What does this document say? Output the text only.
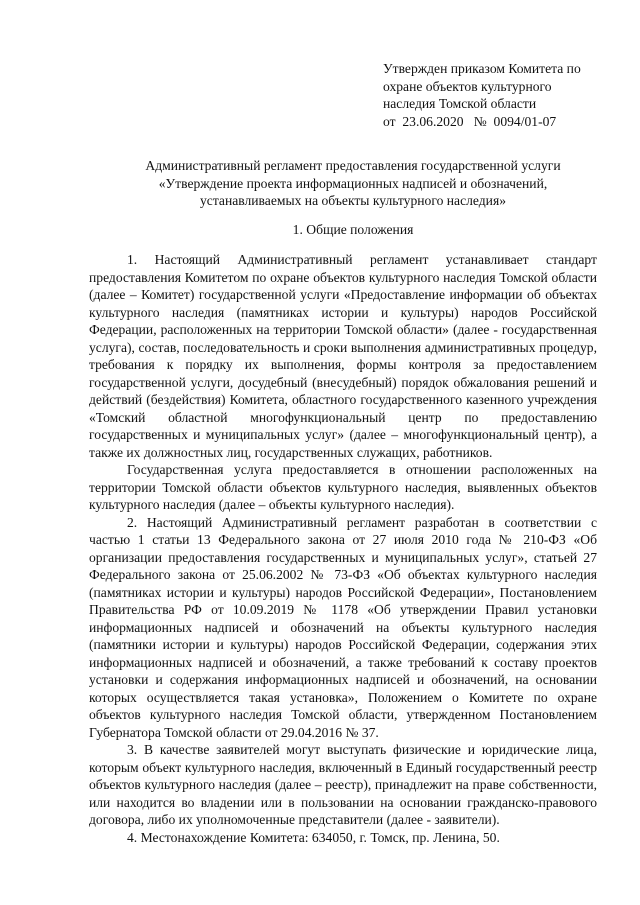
Утвержден приказом Комитета по
охране объектов культурного
наследия Томской области
от 23.06.2020 № 0094/01-07
Административный регламент предоставления государственной услуги
«Утверждение проекта информационных надписей и обозначений,
устанавливаемых на объекты культурного наследия»
1. Общие положения

1. Настоящий Административный регламент устанавливает стандарт предоставления Комитетом по охране объектов культурного наследия Томской области (далее – Комитет) государственной услуги «Предоставление информации об объектах культурного наследия (памятниках истории и культуры) народов Российской Федерации, расположенных на территории Томской области» (далее - государственная услуга), состав, последовательность и сроки выполнения административных процедур, требования к порядку их выполнения, формы контроля за предоставлением государственной услуги, досудебный (внесудебный) порядок обжалования решений и действий (бездействия) Комитета, областного государственного казенного учреждения «Томский областной многофункциональный центр по предоставлению государственных и муниципальных услуг» (далее – многофункциональный центр), а также их должностных лиц, государственных служащих, работников.

Государственная услуга предоставляется в отношении расположенных на территории Томской области объектов культурного наследия, выявленных объектов культурного наследия (далее – объекты культурного наследия).

2. Настоящий Административный регламент разработан в соответствии с частью 1 статьи 13 Федерального закона от 27 июля 2010 года № 210-ФЗ «Об организации предоставления государственных и муниципальных услуг», статьей 27 Федерального закона от 25.06.2002 № 73-ФЗ «Об объектах культурного наследия (памятниках истории и культуры) народов Российской Федерации», Постановлением Правительства РФ от 10.09.2019 № 1178 «Об утверждении Правил установки информационных надписей и обозначений на объекты культурного наследия (памятники истории и культуры) народов Российской Федерации, содержания этих информационных надписей и обозначений, а также требований к составу проектов установки и содержания информационных надписей и обозначений, на основании которых осуществляется такая установка», Положением о Комитете по охране объектов культурного наследия Томской области, утвержденном Постановлением Губернатора Томской области от 29.04.2016 № 37.

3. В качестве заявителей могут выступать физические и юридические лица, которым объект культурного наследия, включенный в Единый государственный реестр объектов культурного наследия (далее – реестр), принадлежит на праве собственности, или находится во владении или в пользовании на основании гражданско-правового договора, либо их уполномоченные представители (далее - заявители).

4. Местонахождение Комитета: 634050, г. Томск, пр. Ленина, 50.
